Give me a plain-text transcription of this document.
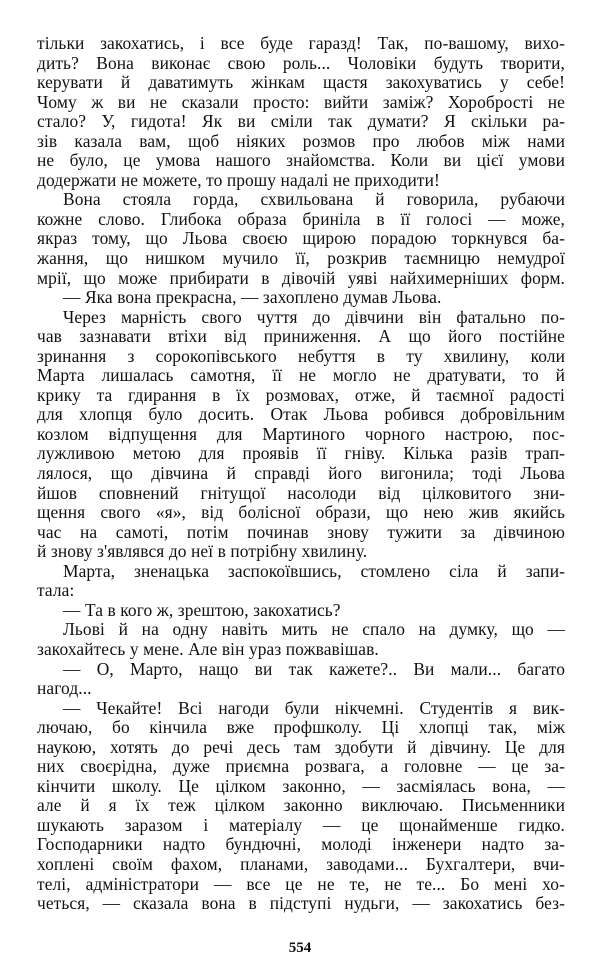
тільки закохатись, і все буде гаразд! Так, по-вашому, вихо-
дить? Вона виконає свою роль... Чоловіки будуть творити,
керувати й даватимуть жінкам щастя закохуватись у себе!
Чому ж ви не сказали просто: вийти заміж? Хоробрості не
стало? У, гидота! Як ви сміли так думати? Я скільки ра-
зів казала вам, щоб ніяких розмов про любов між нами
не було, це умова нашого знайомства. Коли ви цієї умови
додержати не можете, то прошу надалі не приходити!
Вона стояла горда, схвильована й говорила, рубаючи
кожне слово. Глибока образа бриніла в її голосі — може,
якраз тому, що Льова своєю щирою порадою торкнувся ба-
жання, що нишком мучило її, розкрив таємницю немудрої
мрії, що може прибирати в дівочій уяві найхимерніших форм.
— Яка вона прекрасна, — захоплено думав Льова.
Через марність свого чуття до дівчини він фатально по-
чав зазнавати втіхи від приниження. А що його постійне
зринання з сорокопівського небуття в ту хвилину, коли
Марта лишалась самотня, її не могло не дратувати, то й
крику та гдирання в їх розмовах, отже, й таємної радості
для хлопця було досить. Отак Льова робився добровільним
козлом відпущення для Мартиного чорного настрою, пос-
лужливою метою для проявів її гніву. Кілька разів трап-
лялося, що дівчина й справді його вигонила; тоді Льова
йшов сповнений гнітущої насолоди від цілковитого зни-
щення свого «я», від болісної образи, що нею жив якийсь
час на самоті, потім починав знову тужити за дівчиною
й знову з'являвся до неї в потрібну хвилину.
Марта, зненацька заспокоївшись, стомлено сіла й запи-
тала:
— Та в кого ж, зрештою, закохатись?
Льові й на одну навіть мить не спало на думку, що —
закохайтесь у мене. Але він ураз пожвавішав.
— О, Марто, нащо ви так кажете?.. Ви мали... багато
нагод...
— Чекайте! Всі нагоди були нікчемні. Студентів я вик-
лючаю, бо кінчила вже профшколу. Ці хлопці так, між
наукою, хотять до речі десь там здобути й дівчину. Це для
них своєрідна, дуже приємна розвага, а головне — це за-
кінчити школу. Це цілком законно, — засміялась вона, —
але й я їх теж цілком законно виключаю. Письменники
шукають заразом і матеріалу — це щонайменше гидко.
Господарники надто бундючні, молоді інженери надто за-
хоплені своїм фахом, планами, заводами... Бухгалтери, вчи-
телі, адміністратори — все це не те, не те... Бо мені хо-
четься, — сказала вона в підступі нудьги, — закохатись без-
554
